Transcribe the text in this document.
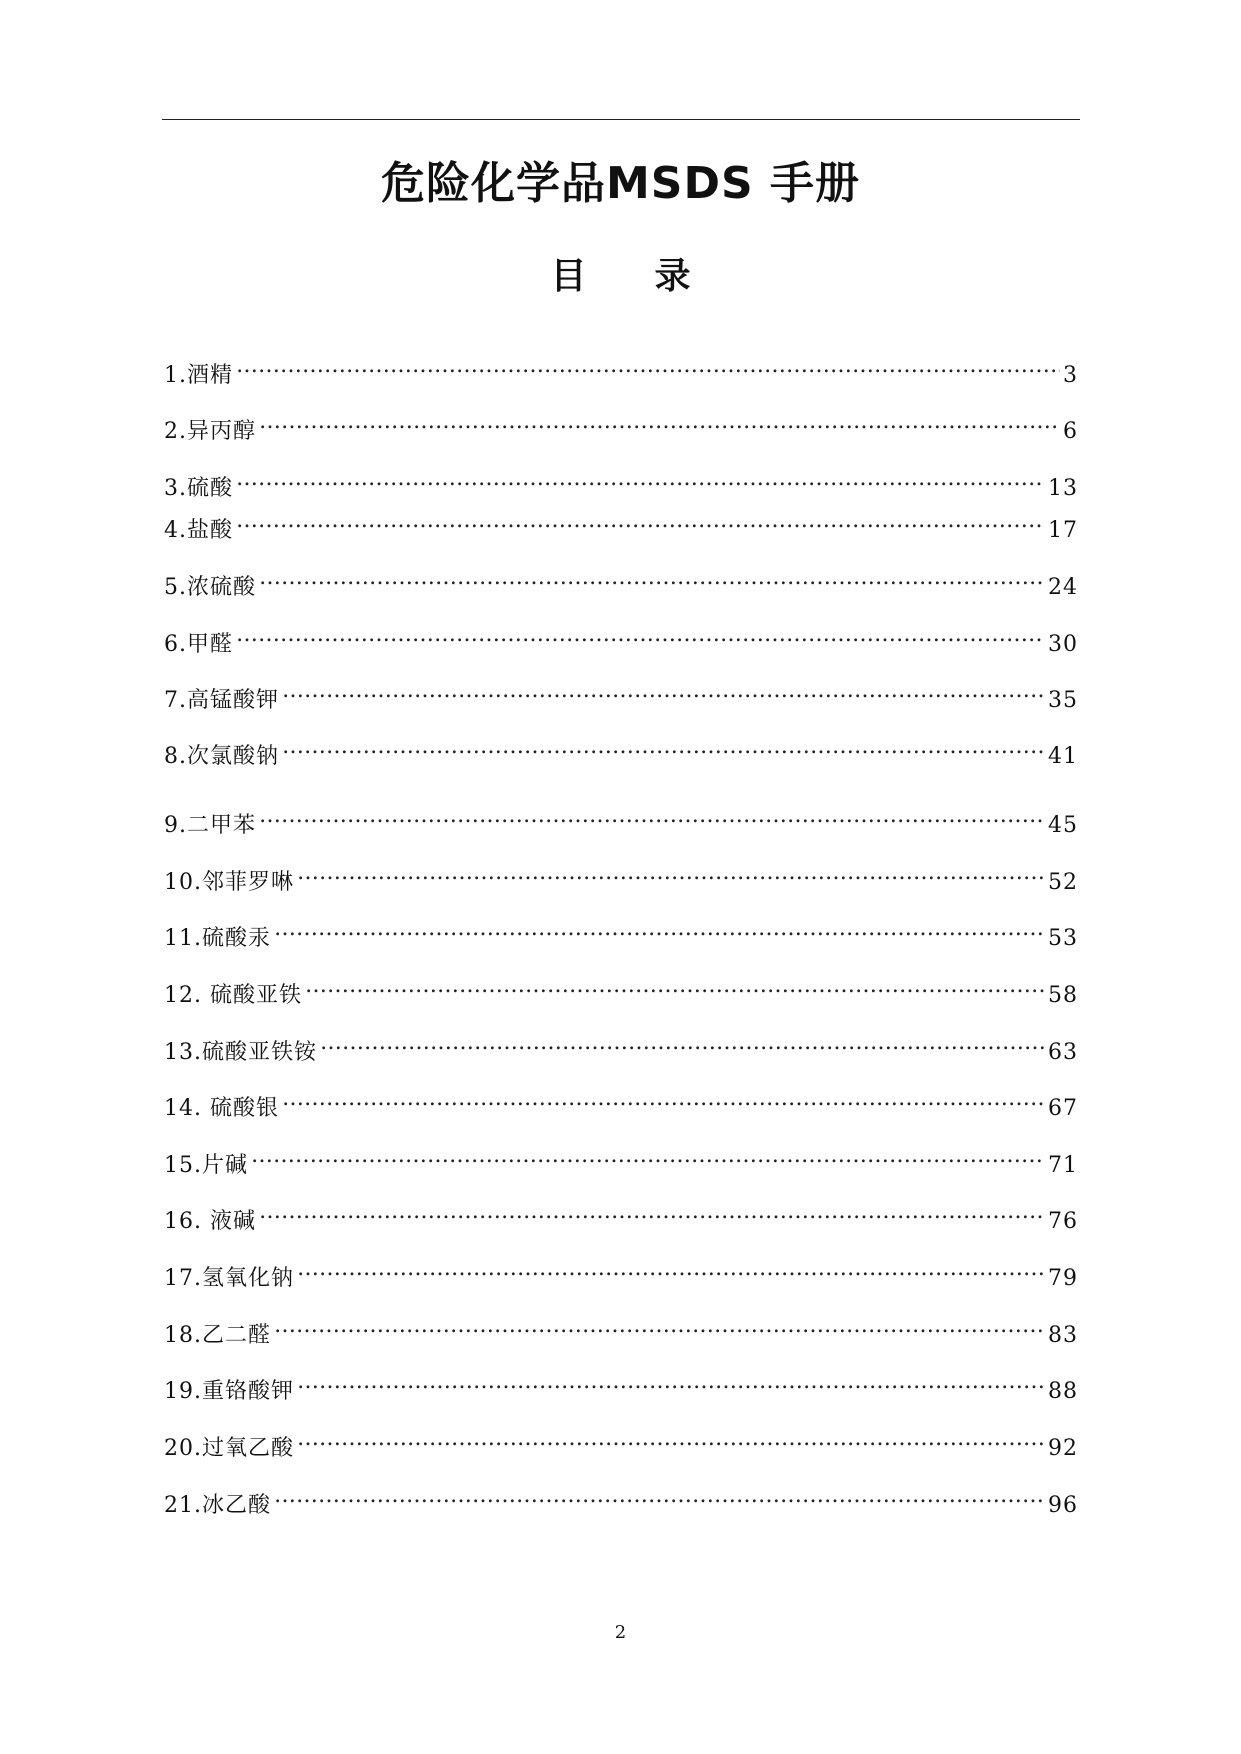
危险化学品MSDS 手册
目录
1.酒精 …………………………………………………………………………………………………………………………………………………………………………………………	3
2.异丙醇 …………………………………………………………………………………………………………………………………………………………………………………………	6
3.硫酸 …………………………………………………………………………………………………………………………………………………………………………………………	13
4.盐酸 …………………………………………………………………………………………………………………………………………………………………………………………	17
5.浓硫酸 …………………………………………………………………………………………………………………………………………………………………………………………	24
6.甲醛 …………………………………………………………………………………………………………………………………………………………………………………………	30
7.高锰酸钾 …………………………………………………………………………………………………………………………………………………………………………………………	35
8.次氯酸钠 …………………………………………………………………………………………………………………………………………………………………………………………	41
9.二甲苯 …………………………………………………………………………………………………………………………………………………………………………………………	45
10.邻菲罗啉 …………………………………………………………………………………………………………………………………………………………………………………………	52
11.硫酸汞 …………………………………………………………………………………………………………………………………………………………………………………………	53
12. 硫酸亚铁 …………………………………………………………………………………………………………………………………………………………………………………………	58
13.硫酸亚铁铵 …………………………………………………………………………………………………………………………………………………………………………………………	63
14. 硫酸银 …………………………………………………………………………………………………………………………………………………………………………………………	67
15.片碱 …………………………………………………………………………………………………………………………………………………………………………………………	71
16. 液碱 …………………………………………………………………………………………………………………………………………………………………………………………	76
17.氢氧化钠 …………………………………………………………………………………………………………………………………………………………………………………………	79
18.乙二醛 …………………………………………………………………………………………………………………………………………………………………………………………	83
19.重铬酸钾 …………………………………………………………………………………………………………………………………………………………………………………………	88
20.过氧乙酸 …………………………………………………………………………………………………………………………………………………………………………………………	92
21.冰乙酸 …………………………………………………………………………………………………………………………………………………………………………………………	96
2
